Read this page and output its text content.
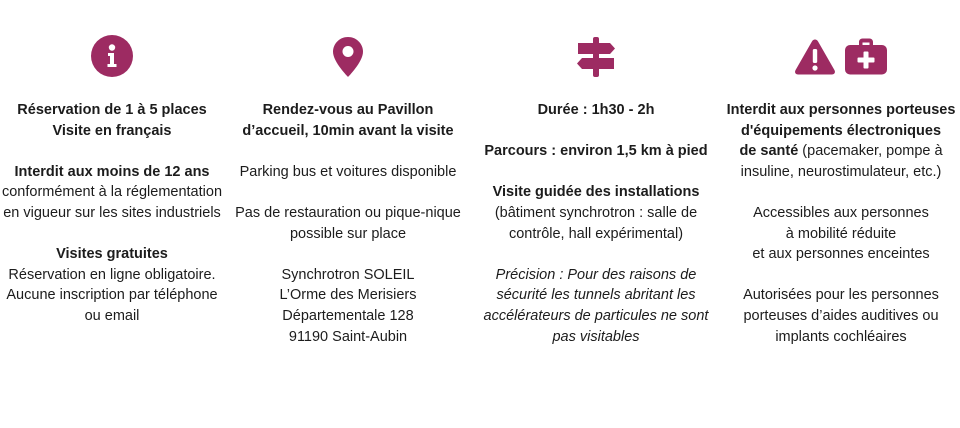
Réservation de 1 à 5 places

Visite en français

Interdit aux moins de 12 ans conformément à la réglementation en vigueur sur les sites industriels

Visites gratuites

Réservation en ligne obligatoire. Aucune inscription par téléphone ou email

Rendez-vous au Pavillon d’accueil, 10min avant la visite

Parking bus et voitures disponible

Pas de restauration ou pique-nique possible sur place

Synchrotron SOLEIL

L’Orme des Merisiers

Départementale 128

91190 Saint-Aubin

Durée : 1h30 - 2h

Parcours : environ 1,5 km à pied

Visite guidée des installations

(bâtiment synchrotron : salle de contrôle, hall expérimental)

Précision : Pour des raisons de sécurité les tunnels abritant les accélérateurs de particules ne sont pas visitables

Interdit aux personnes porteuses d'équipements électroniques

de santé (pacemaker, pompe à insuline, neurostimulateur, etc.)

Accessibles aux personnes

à mobilité réduite

et aux personnes enceintes

Autorisées pour les personnes porteuses d’aides auditives ou implants cochléaires
